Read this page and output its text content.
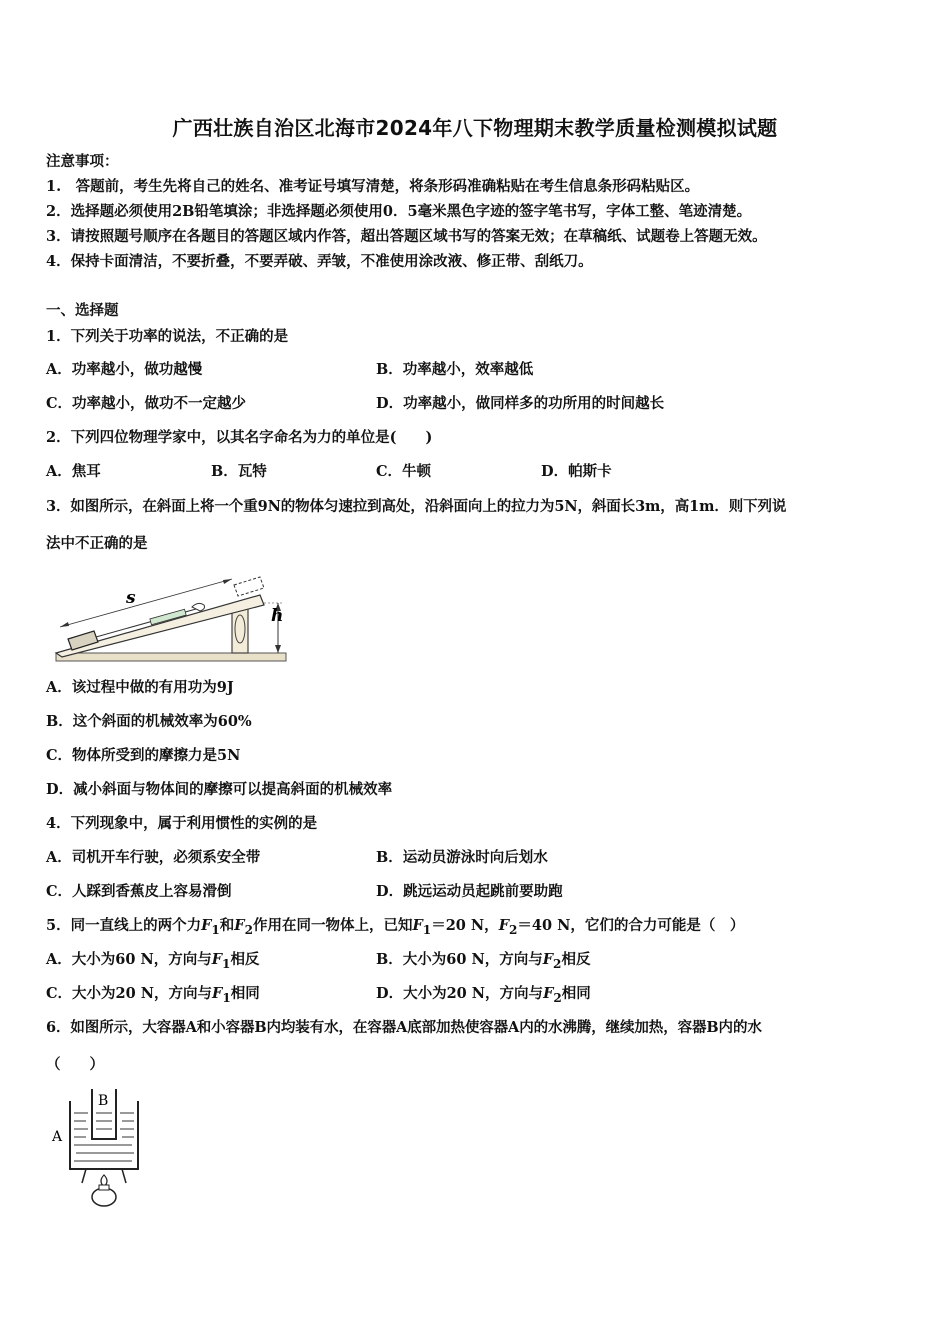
广西壮族自治区北海市2024年八下物理期末教学质量检测模拟试题
注意事项：
1.　答题前，考生先将自己的姓名、准考证号填写清楚，将条形码准确粘贴在考生信息条形码粘贴区。
2．选择题必须使用2B铅笔填涂；非选择题必须使用0．5毫米黑色字迹的签字笔书写，字体工整、笔迹清楚。
3．请按照题号顺序在各题目的答题区域内作答，超出答题区域书写的答案无效；在草稿纸、试题卷上答题无效。
4．保持卡面清洁，不要折叠，不要弄破、弄皱，不准使用涂改液、修正带、刮纸刀。
一、选择题
1．下列关于功率的说法，不正确的是
A．功率越小，做功越慢	B．功率越小，效率越低
C．功率越小，做功不一定越少	D．功率越小，做同样多的功所用的时间越长
2．下列四位物理学家中，以其名字命名为力的单位是(　　)
A．焦耳	B．瓦特	C．牛顿	D．帕斯卡
3．如图所示，在斜面上将一个重9N的物体匀速拉到高处，沿斜面向上的拉力为5N，斜面长3m，高1m．则下列说
法中不正确的是
s
h
A．该过程中做的有用功为9J
B．这个斜面的机械效率为60%
C．物体所受到的摩擦力是5N
D．减小斜面与物体间的摩擦可以提高斜面的机械效率
4．下列现象中，属于利用惯性的实例的是
A．司机开车行驶，必须系安全带	B．运动员游泳时向后划水
C．人踩到香蕉皮上容易滑倒	D．跳远运动员起跳前要助跑
5．同一直线上的两个力$F_1$和$F_2$作用在同一物体上，已知$F_1=20$ N，$F_2=40$ N，它们的合力可能是（　）
A．大小为60 N，方向与$F_1$相反	B．大小为60 N，方向与$F_2$相反
C．大小为20 N，方向与$F_1$相同	D．大小为20 N，方向与$F_2$相同
6．如图所示，大容器A和小容器B内均装有水，在容器A底部加热使容器A内的水沸腾，继续加热，容器B内的水
（　　）
B
A
